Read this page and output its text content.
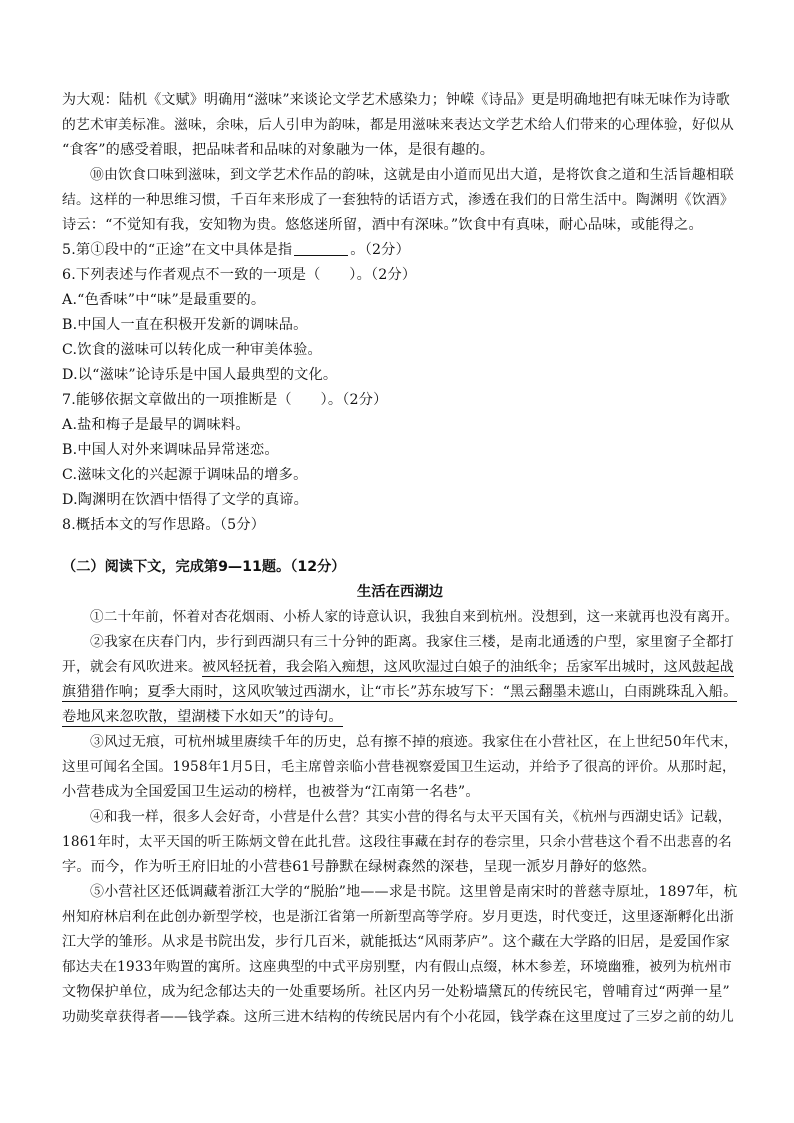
为大观：陆机《文赋》明确用“滋味”来谈论文学艺术感染力；钟嵘《诗品》更是明确地把有味无味作为诗歌
的艺术审美标准。滋味，余味，后人引申为韵味，都是用滋味来表达文学艺术给人们带来的心理体验，好似从
“食客”的感受着眼，把品味者和品味的对象融为一体，是很有趣的。
⑩由饮食口味到滋味，到文学艺术作品的韵味，这就是由小道而见出大道，是将饮食之道和生活旨趣相联
结。这样的一种思维习惯，千百年来形成了一套独特的话语方式，渗透在我们的日常生活中。陶渊明《饮酒》
诗云：“不觉知有我，安知物为贵。悠悠迷所留，酒中有深味。”饮食中有真味，耐心品味，或能得之。
5.第①段中的“正途”在文中具体是指	。（2分）
6.下列表述与作者观点不一致的一项是（　　）。（2分）
A.“色香味”中“味”是最重要的。
B.中国人一直在积极开发新的调味品。
C.饮食的滋味可以转化成一种审美体验。
D.以“滋味”论诗乐是中国人最典型的文化。
7.能够依据文章做出的一项推断是（　　）。（2分）
A.盐和梅子是最早的调味料。
B.中国人对外来调味品异常迷恋。
C.滋味文化的兴起源于调味品的增多。
D.陶渊明在饮酒中悟得了文学的真谛。
8.概括本文的写作思路。（5分）
（二）阅读下文，完成第9—11题。（12分）
生活在西湖边
①二十年前，怀着对杏花烟雨、小桥人家的诗意认识，我独自来到杭州。没想到，这一来就再也没有离开。
②我家在庆春门内，步行到西湖只有三十分钟的距离。我家住三楼，是南北通透的户型，家里窗子全都打
开，就会有风吹进来。被风轻抚着，我会陷入痴想，这风吹湿过白娘子的油纸伞；岳家军出城时，这风鼓起战
旗猎猎作响；夏季大雨时，这风吹皱过西湖水，让“市长”苏东坡写下：“黑云翻墨未遮山，白雨跳珠乱入船。
卷地风来忽吹散，望湖楼下水如天”的诗句。
③风过无痕，可杭州城里赓续千年的历史，总有擦不掉的痕迹。我家住在小营社区，在上世纪50年代末，
这里可闻名全国。1958年1月5日，毛主席曾亲临小营巷视察爱国卫生运动，并给予了很高的评价。从那时起，
小营巷成为全国爱国卫生运动的榜样，也被誉为“江南第一名巷”。
④和我一样，很多人会好奇，小营是什么营？其实小营的得名与太平天国有关，《杭州与西湖史话》记载，
1861年时，太平天国的听王陈炳文曾在此扎营。这段往事藏在封存的卷宗里，只余小营巷这个看不出悲喜的名
字。而今，作为听王府旧址的小营巷61号静默在绿树森然的深巷，呈现一派岁月静好的悠然。
⑤小营社区还低调藏着浙江大学的“脱胎”地——求是书院。这里曾是南宋时的普慈寺原址，1897年，杭
州知府林启利在此创办新型学校，也是浙江省第一所新型高等学府。岁月更迭，时代变迁，这里逐渐孵化出浙
江大学的雏形。从求是书院出发，步行几百米，就能抵达“风雨茅庐”。这个藏在大学路的旧居，是爱国作家
郁达夫在1933年购置的寓所。这座典型的中式平房别墅，内有假山点缀，林木参差，环境幽雅，被列为杭州市
文物保护单位，成为纪念郁达夫的一处重要场所。社区内另一处粉墙黛瓦的传统民宅，曾哺育过“两弹一星”
功勋奖章获得者——钱学森。这所三进木结构的传统民居内有个小花园，钱学森在这里度过了三岁之前的幼儿
